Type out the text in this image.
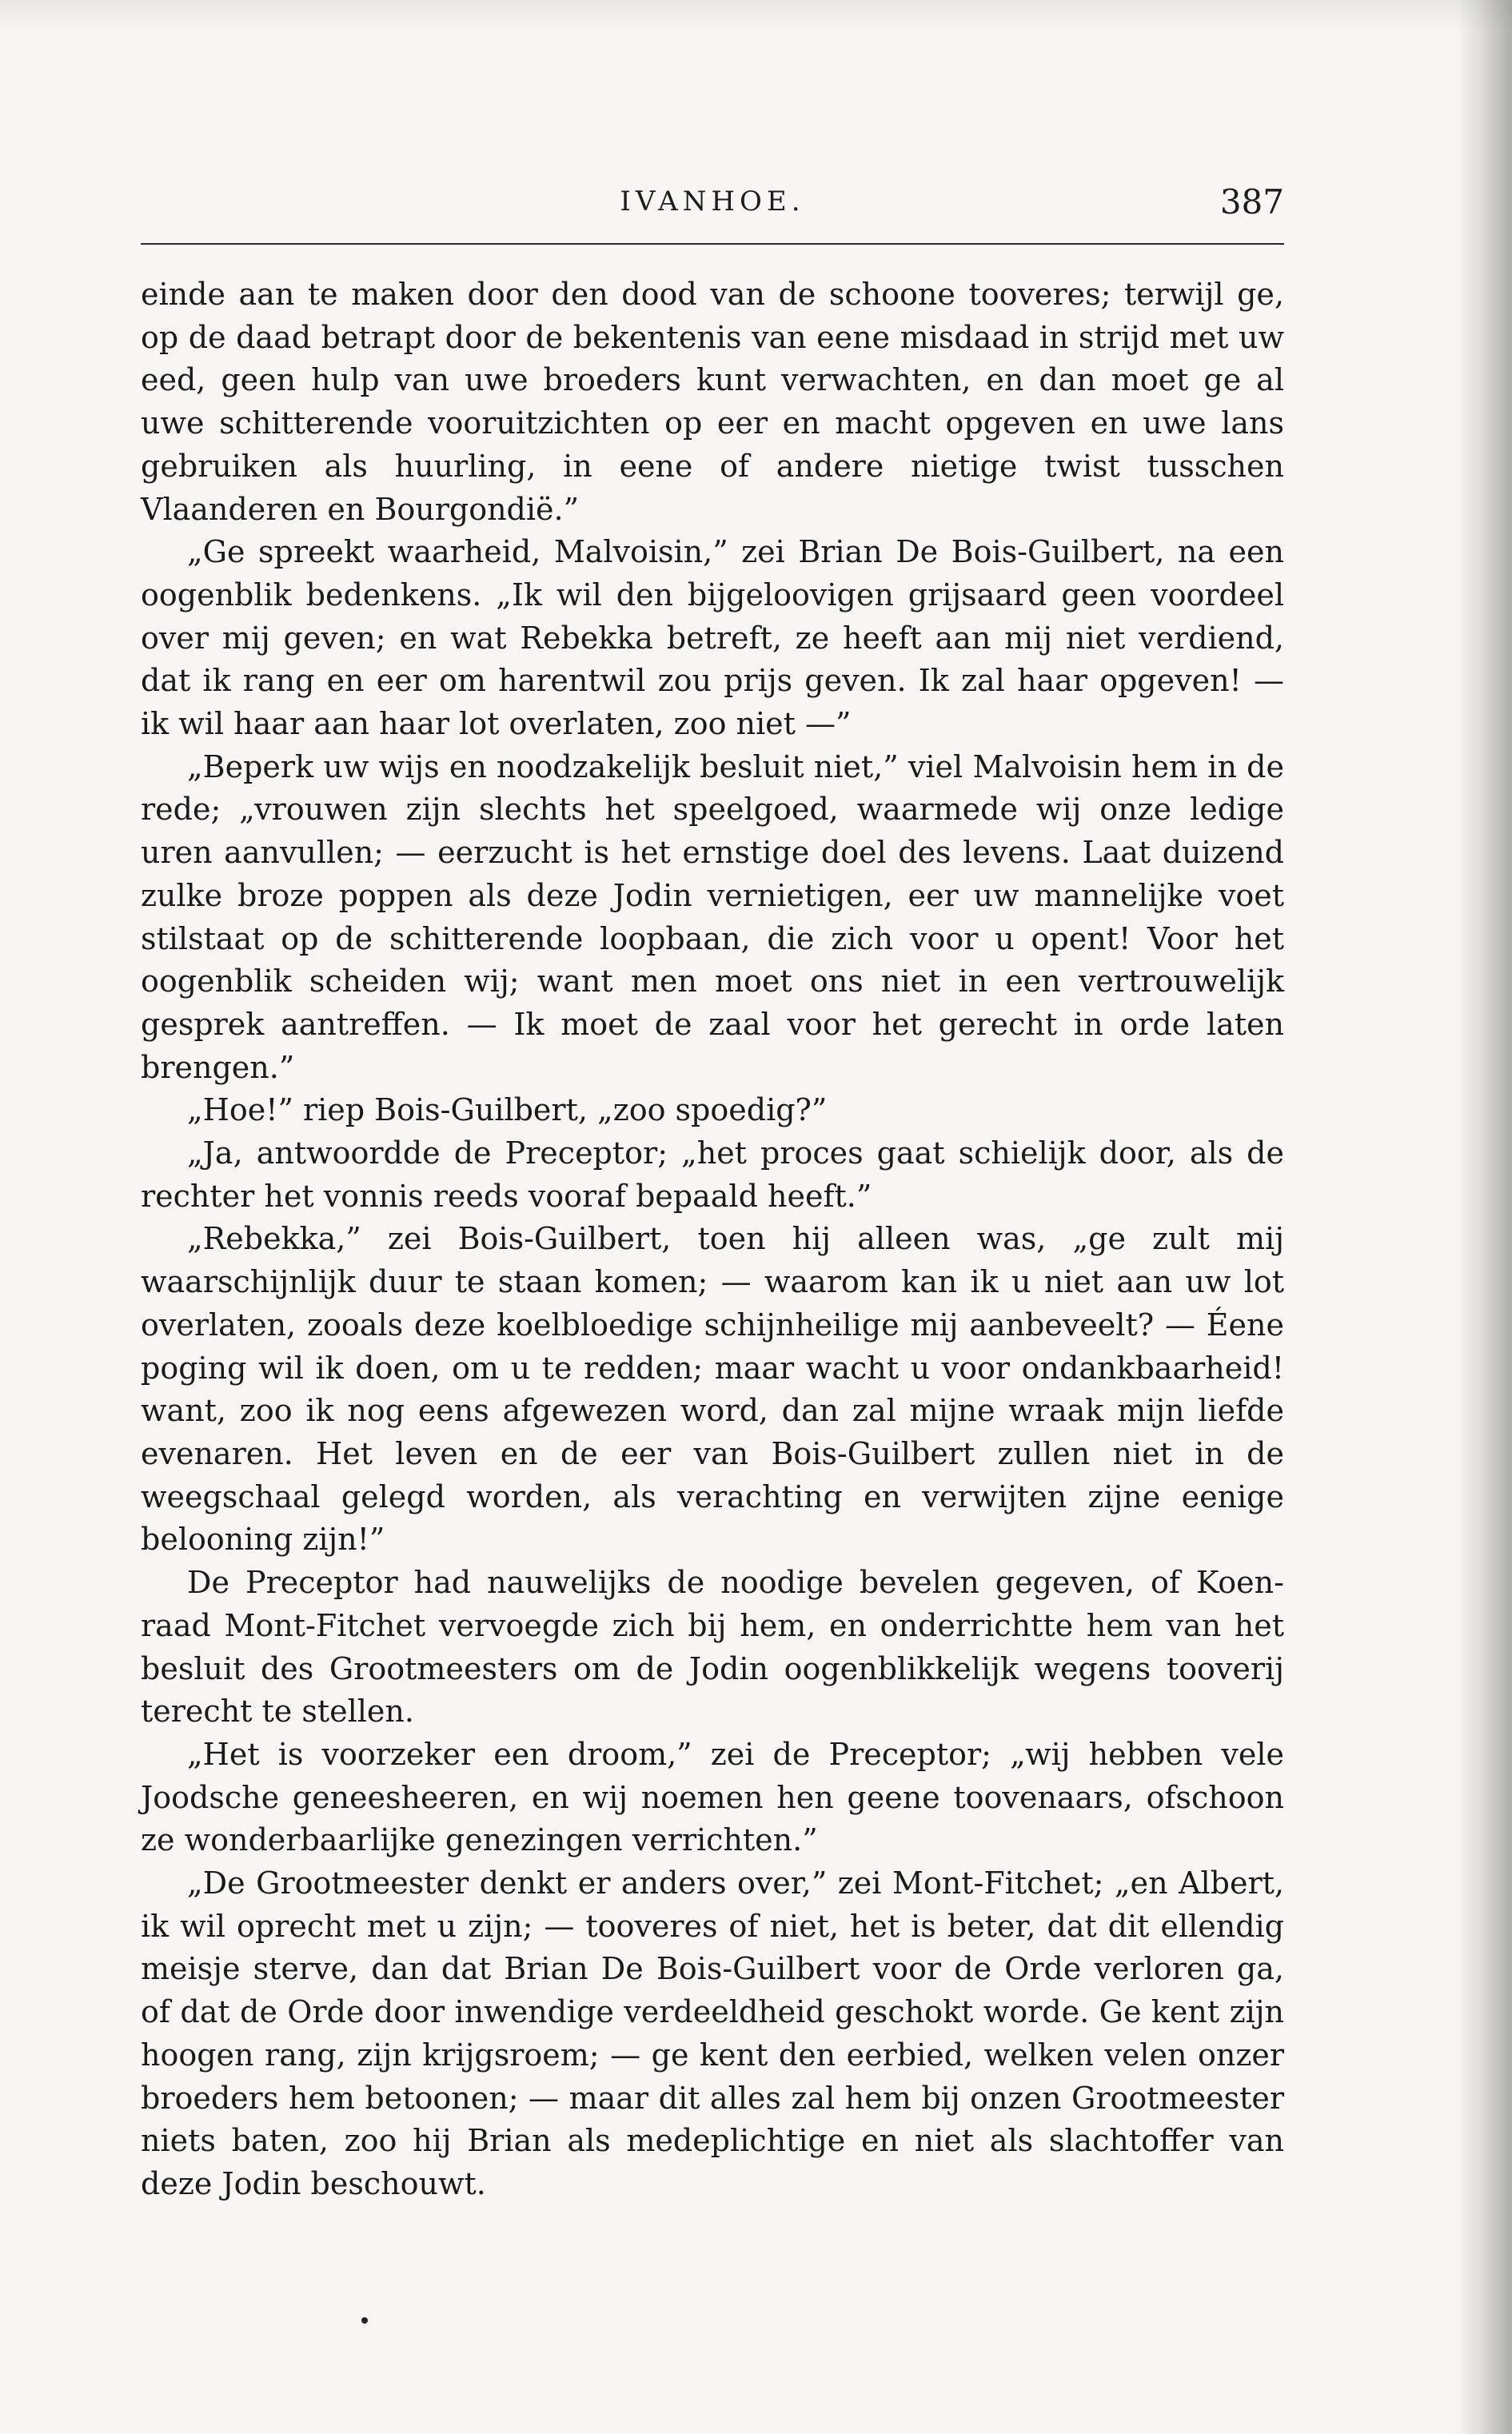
IVANHOE.	387

einde aan te maken door den dood van de schoone tooveres; terwijl ge, op de daad betrapt door de bekentenis van eene misdaad in strijd met uw eed, geen hulp van uwe broeders kunt verwachten, en dan moet ge al uwe schitterende vooruitzichten op eer en macht opgeven en uwe lans gebruiken als huurling, in eene of andere nietige twist tusschen Vlaanderen en Bourgondië.”

„Ge spreekt waarheid, Malvoisin,” zei Brian De Bois-Guilbert, na een oogenblik bedenkens. „Ik wil den bijgeloovigen grijsaard geen voordeel over mij geven; en wat Rebekka betreft, ze heeft aan mij niet verdiend, dat ik rang en eer om harentwil zou prijs geven. Ik zal haar opgeven! — ik wil haar aan haar lot overlaten, zoo niet —”

„Beperk uw wijs en noodzakelijk besluit niet,” viel Malvoisin hem in de rede; „vrouwen zijn slechts het speelgoed, waarmede wij onze ledige uren aanvullen; — eerzucht is het ernstige doel des levens. Laat duizend zulke broze poppen als deze Jodin vernietigen, eer uw mannelijke voet stilstaat op de schitterende loopbaan, die zich voor u opent! Voor het oogenblik scheiden wij; want men moet ons niet in een vertrouwelijk gesprek aantreffen. — Ik moet de zaal voor het gerecht in orde laten brengen.”

„Hoe!” riep Bois-Guilbert, „zoo spoedig?”

„Ja, antwoordde de Preceptor; „het proces gaat schielijk door, als de rechter het vonnis reeds vooraf bepaald heeft.”

„Rebekka,” zei Bois-Guilbert, toen hij alleen was, „ge zult mij waarschijnlijk duur te staan komen; — waarom kan ik u niet aan uw lot overlaten, zooals deze koelbloedige schijnheilige mij aanbeveelt? — Éene poging wil ik doen, om u te redden; maar wacht u voor ondankbaarheid! want, zoo ik nog eens afgewezen word, dan zal mijne wraak mijn liefde evenaren. Het leven en de eer van Bois-Guilbert zullen niet in de weegschaal gelegd worden, als verachting en verwijten zijne eenige belooning zijn!”

De Preceptor had nauwelijks de noodige bevelen gegeven, of Koenraad Mont-Fitchet vervoegde zich bij hem, en onderrichtte hem van het besluit des Grootmeesters om de Jodin oogenblikkelijk wegens tooverij terecht te stellen.

„Het is voorzeker een droom,” zei de Preceptor; „wij hebben vele Joodsche geneesheeren, en wij noemen hen geene toovenaars, ofschoon ze wonderbaarlijke genezingen verrichten.”

„De Grootmeester denkt er anders over,” zei Mont-Fitchet; „en Albert, ik wil oprecht met u zijn; — tooveres of niet, het is beter, dat dit ellendig meisje sterve, dan dat Brian De Bois-Guilbert voor de Orde verloren ga, of dat de Orde door inwendige verdeeldheid geschokt worde. Ge kent zijn hoogen rang, zijn krijgsroem; — ge kent den eerbied, welken velen onzer broeders hem betoonen; — maar dit alles zal hem bij onzen Grootmeester niets baten, zoo hij Brian als medeplichtige en niet als slachtoffer van deze Jodin beschouwt.
